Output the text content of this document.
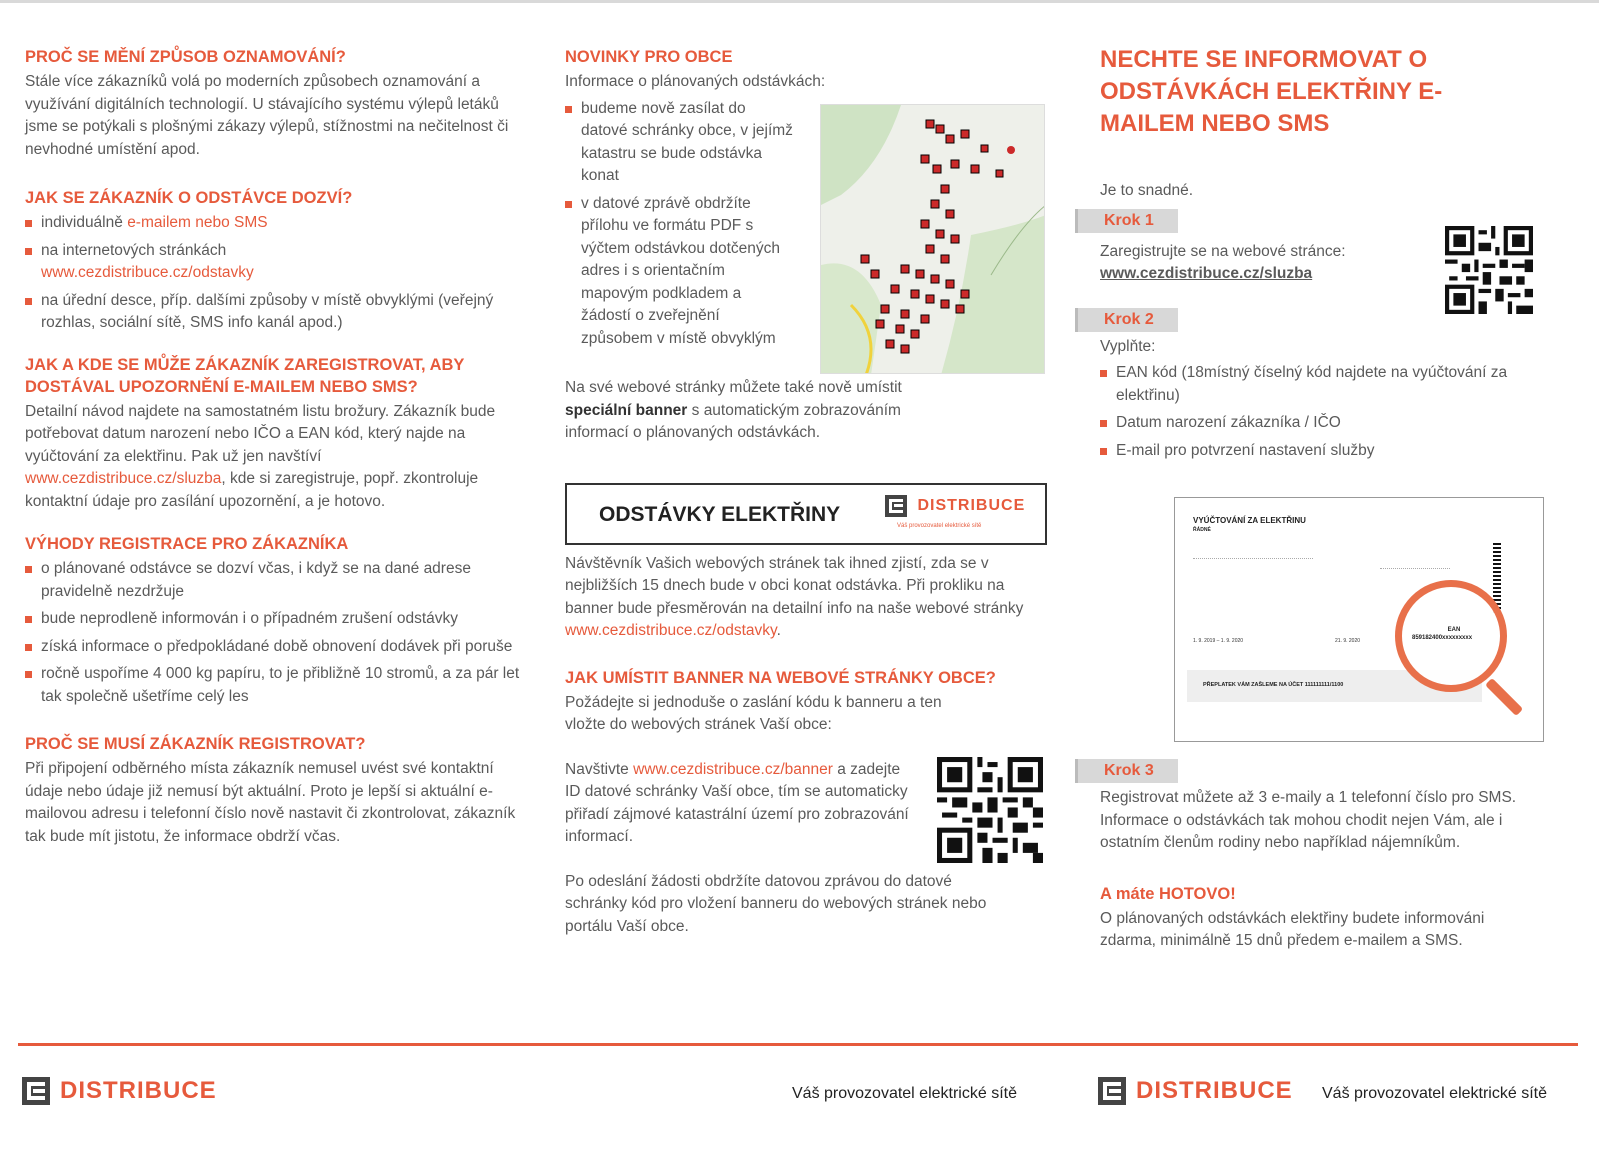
PROČ SE MĚNÍ ZPŮSOB OZNAMOVÁNÍ?

Stále více zákazníků volá po moderních způsobech oznamování a využívání digitálních technologií. U stávajícího systému výlepů letáků jsme se potýkali s plošnými zákazy výlepů, stížnostmi na nečitelnost či nevhodné umístění apod.

JAK SE ZÁKAZNÍK O ODSTÁVCE DOZVÍ?
individuálně e-mailem nebo SMS
na internetových stránkách
www.cezdistribuce.cz/odstavky
na úřední desce, příp. dalšími způsoby v místě obvyklými (veřejný rozhlas, sociální sítě, SMS info kanál apod.)
JAK A KDE SE MŮŽE ZÁKAZNÍK ZAREGISTROVAT, ABY DOSTÁVAL UPOZORNĚNÍ E-MAILEM NEBO SMS?

Detailní návod najdete na samostatném listu brožury. Zákazník bude potřebovat datum narození nebo IČO a EAN kód, který najde na vyúčtování za elektřinu. Pak už jen navštíví www.cezdistribuce.cz/sluzba, kde si zaregistruje, popř. zkontroluje kontaktní údaje pro zasílání upozornění, a je hotovo.

VÝHODY REGISTRACE PRO ZÁKAZNÍKA
o plánované odstávce se dozví včas, i když se na dané adrese pravidelně nezdržuje
bude neprodleně informován i o případném zrušení odstávky
získá informace o předpokládané době obnovení dodávek při poruše
ročně uspoříme 4 000 kg papíru, to je přibližně 10 stromů, a za pár let tak společně ušetříme celý les
PROČ SE MUSÍ ZÁKAZNÍK REGISTROVAT?

Při připojení odběrného místa zákazník nemusel uvést své kontaktní údaje nebo údaje již nemusí být aktuální. Proto je lepší si aktuální e-mailovou adresu i telefonní číslo nově nastavit či zkontrolovat, zákazník tak bude mít jistotu, že informace obdrží včas.

NOVINKY PRO OBCE

Informace o plánovaných odstávkách:

budeme nově zasílat do datové schránky obce, v jejímž katastru se bude odstávka konat
v datové zprávě obdržíte přílohu ve formátu PDF s výčtem odstávkou dotčených adres i s orientačním mapovým podkladem a žádostí o zveřejnění způsobem v místě obvyklým

Na své webové stránky můžete také nově umístit speciální banner s automatickým zobrazováním informací o plánovaných odstávkách.

Návštěvník Vašich webových stránek tak ihned zjistí, zda se v nejbližších 15 dnech bude v obci konat odstávka. Při prokliku na banner bude přesměrován na detailní info na naše webové stránky www.cezdistribuce.cz/odstavky.

JAK UMÍSTIT BANNER NA WEBOVÉ STRÁNKY OBCE?

Požádejte si jednoduše o zaslání kódu k banneru a ten vložte do webových stránek Vaší obce:

Navštivte www.cezdistribuce.cz/banner a zadejte ID datové schránky Vaší obce, tím se automaticky přiřadí zájmové katastrální území pro zobrazování informací.

Po odeslání žádosti obdržíte datovou zprávou do datové schránky kód pro vložení banneru do webových stránek nebo portálu Vaší obce.

ODSTÁVKY ELEKTŘINY	DISTRIBUCE
Váš provozovatel elektrické sítě
NECHTE SE INFORMOVAT O ODSTÁVKÁCH ELEKTŘINY E-MAILEM NEBO SMS

Je to snadné.

Krok 1

Zaregistrujte se na webové stránce:

www.cezdistribuce.cz/sluzba

Krok 2

Vyplňte:

EAN kód (18místný číselný kód najdete na vyúčtování za elektřinu)
Datum narození zákazníka / IČO
E-mail pro potvrzení nastavení služby
Krok 3

Registrovat můžete až 3 e-maily a 1 telefonní číslo pro SMS. Informace o odstávkách tak mohou chodit nejen Vám, ale i ostatním členům rodiny nebo například nájemníkům.

A máte HOTOVO!

O plánovaných odstávkách elektřiny budete informováni zdarma, minimálně 15 dnů předem e-mailem a SMS.

VYÚČTOVÁNÍ ZA ELEKTŘINU
ŘÁDNÉ
1. 9. 2019 – 1. 9. 2020	21. 9. 2020
PŘEPLATEK VÁM ZAŠLEME NA ÚČET 111111111/1100
EAN
859182400xxxxxxxxx
DISTRIBUCE	Váš provozovatel elektrické sítě	DISTRIBUCE Váš provozovatel elektrické sítě
